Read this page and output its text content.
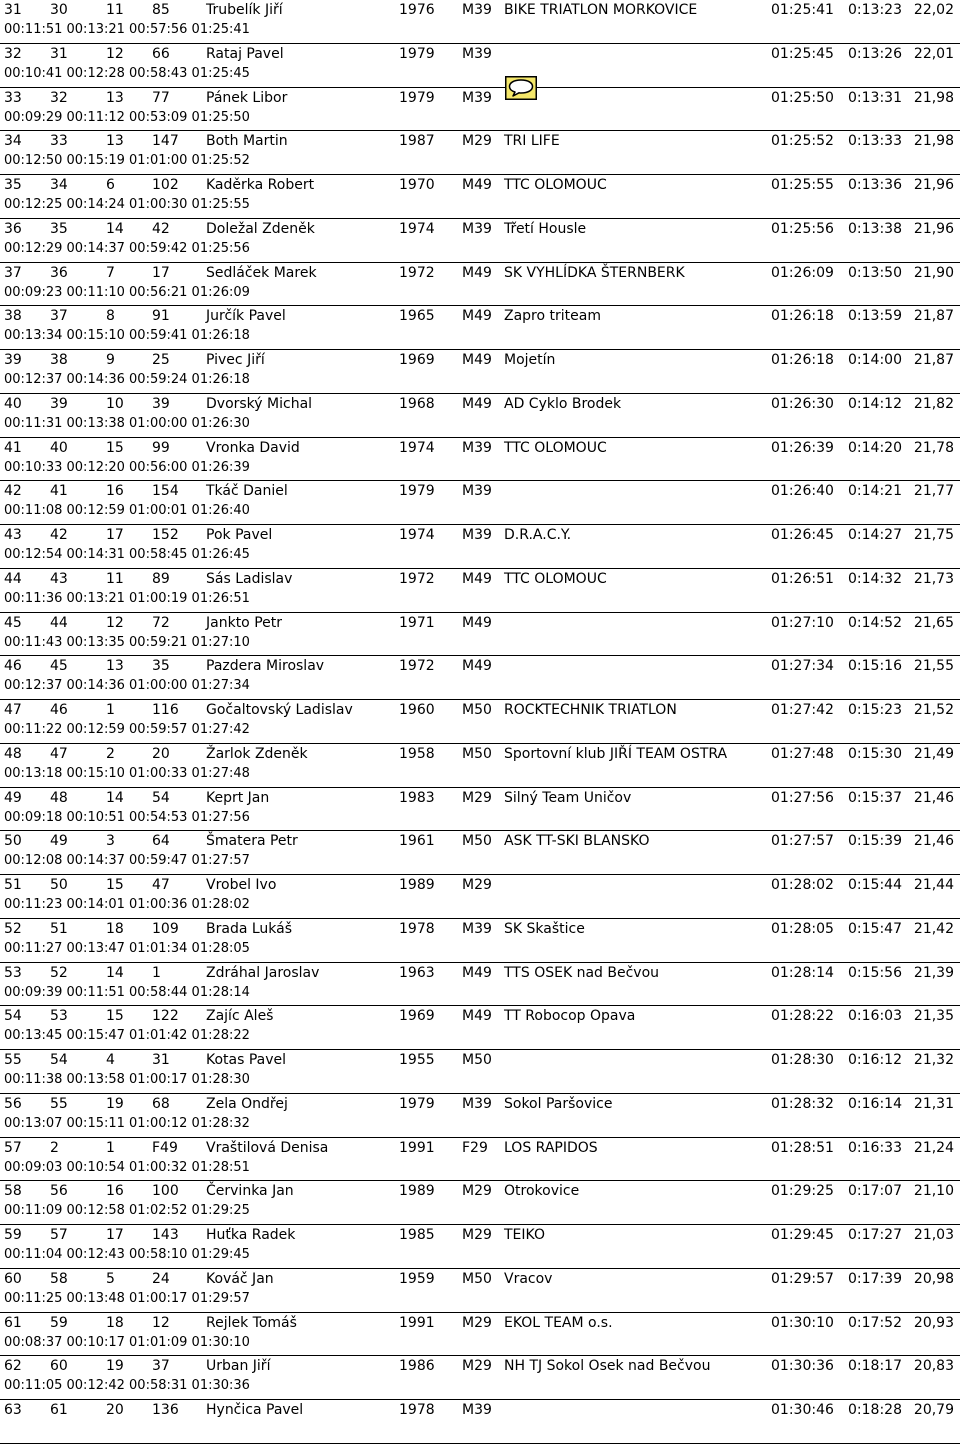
31 30	11 85	Trubelík Jiří	1976 M39 BIKE TRIATLON MORKOVICE	01:25:41 0:13:23 22,02
00:11:51 00:13:21 00:57:56 01:25:41
32 31	12 66	Rataj Pavel	1979 M39	01:25:45 0:13:26 22,01
00:10:41 00:12:28 00:58:43 01:25:45
33 32	13 77	Pánek Libor	1979 M39	01:25:50 0:13:31 21,98
00:09:29 00:11:12 00:53:09 01:25:50
34 33	13 147 Both Martin	1987 M29 TRI LIFE	01:25:52 0:13:33 21,98
00:12:50 00:15:19 01:01:00 01:25:52
35 34	6	102 Kaděrka Robert	1970 M49 TTC OLOMOUC	01:25:55 0:13:36 21,96
00:12:25 00:14:24 01:00:30 01:25:55
36 35	14 42	Doležal Zdeněk	1974 M39 Třetí Housle	01:25:56 0:13:38 21,96
00:12:29 00:14:37 00:59:42 01:25:56
37 36	7	17	Sedláček Marek	1972 M49 SK VYHLÍDKA ŠTERNBERK	01:26:09 0:13:50 21,90
00:09:23 00:11:10 00:56:21 01:26:09
38 37	8	91	Jurčík Pavel	1965 M49 Zapro triteam	01:26:18 0:13:59 21,87
00:13:34 00:15:10 00:59:41 01:26:18
39 38	9	25	Pivec Jiří	1969 M49 Mojetín	01:26:18 0:14:00 21,87
00:12:37 00:14:36 00:59:24 01:26:18
40 39	10 39	Dvorský Michal	1968 M49 AD Cyklo Brodek	01:26:30 0:14:12 21,82
00:11:31 00:13:38 01:00:00 01:26:30
41 40	15 99	Vronka David	1974 M39 TTC OLOMOUC	01:26:39 0:14:20 21,78
00:10:33 00:12:20 00:56:00 01:26:39
42 41	16 154 Tkáč Daniel	1979 M39	01:26:40 0:14:21 21,77
00:11:08 00:12:59 01:00:01 01:26:40
43 42	17 152 Pok Pavel	1974 M39 D.R.A.C.Y.	01:26:45 0:14:27 21,75
00:12:54 00:14:31 00:58:45 01:26:45
44 43	11 89	Sás Ladislav	1972 M49 TTC OLOMOUC	01:26:51 0:14:32 21,73
00:11:36 00:13:21 01:00:19 01:26:51
45 44	12 72	Jankto Petr	1971 M49	01:27:10 0:14:52 21,65
00:11:43 00:13:35 00:59:21 01:27:10
46 45	13 35	Pazdera Miroslav	1972 M49	01:27:34 0:15:16 21,55
00:12:37 00:14:36 01:00:00 01:27:34
47 46	1	116 Gočaltovský Ladislav	1960 M50 ROCKTECHNIK TRIATLON	01:27:42 0:15:23 21,52
00:11:22 00:12:59 00:59:57 01:27:42
48 47	2	20	Žarlok Zdeněk	1958 M50 Sportovní klub JIŘÍ TEAM OSTRA	01:27:48 0:15:30 21,49
00:13:18 00:15:10 01:00:33 01:27:48
49 48	14 54	Keprt Jan	1983 M29 Silný Team Uničov	01:27:56 0:15:37 21,46
00:09:18 00:10:51 00:54:53 01:27:56
50 49	3	64	Šmatera Petr	1961 M50 ASK TT-SKI BLANSKO	01:27:57 0:15:39 21,46
00:12:08 00:14:37 00:59:47 01:27:57
51 50	15 47	Vrobel Ivo	1989 M29	01:28:02 0:15:44 21,44
00:11:23 00:14:01 01:00:36 01:28:02
52 51	18 109 Brada Lukáš	1978 M39 SK Skaštice	01:28:05 0:15:47 21,42
00:11:27 00:13:47 01:01:34 01:28:05
53 52	14 1	Zdráhal Jaroslav	1963 M49 TTS OSEK nad Bečvou	01:28:14 0:15:56 21,39
00:09:39 00:11:51 00:58:44 01:28:14
54 53	15 122 Zajíc Aleš	1969 M49 TT Robocop Opava	01:28:22 0:16:03 21,35
00:13:45 00:15:47 01:01:42 01:28:22
55 54	4	31	Kotas Pavel	1955 M50	01:28:30 0:16:12 21,32
00:11:38 00:13:58 01:00:17 01:28:30
56 55	19 68	Zela Ondřej	1979 M39 Sokol Paršovice	01:28:32 0:16:14 21,31
00:13:07 00:15:11 01:00:12 01:28:32
57 2	1	F49 Vraštilová Denisa	1991 F29 LOS RAPIDOS	01:28:51 0:16:33 21,24
00:09:03 00:10:54 01:00:32 01:28:51
58 56	16 100 Červinka Jan	1989 M29 Otrokovice	01:29:25 0:17:07 21,10
00:11:09 00:12:58 01:02:52 01:29:25
59 57	17 143 Huťka Radek	1985 M29 TEIKO	01:29:45 0:17:27 21,03
00:11:04 00:12:43 00:58:10 01:29:45
60 58	5	24	Kováč Jan	1959 M50 Vracov	01:29:57 0:17:39 20,98
00:11:25 00:13:48 01:00:17 01:29:57
61 59	18 12	Rejlek Tomáš	1991 M29 EKOL TEAM o.s.	01:30:10 0:17:52 20,93
00:08:37 00:10:17 01:01:09 01:30:10
62 60	19 37	Urban Jiří	1986 M29 NH TJ Sokol Osek nad Bečvou	01:30:36 0:18:17 20,83
00:11:05 00:12:42 00:58:31 01:30:36
63 61	20 136 Hynčica Pavel	1978 M39	01:30:46 0:18:28 20,79
